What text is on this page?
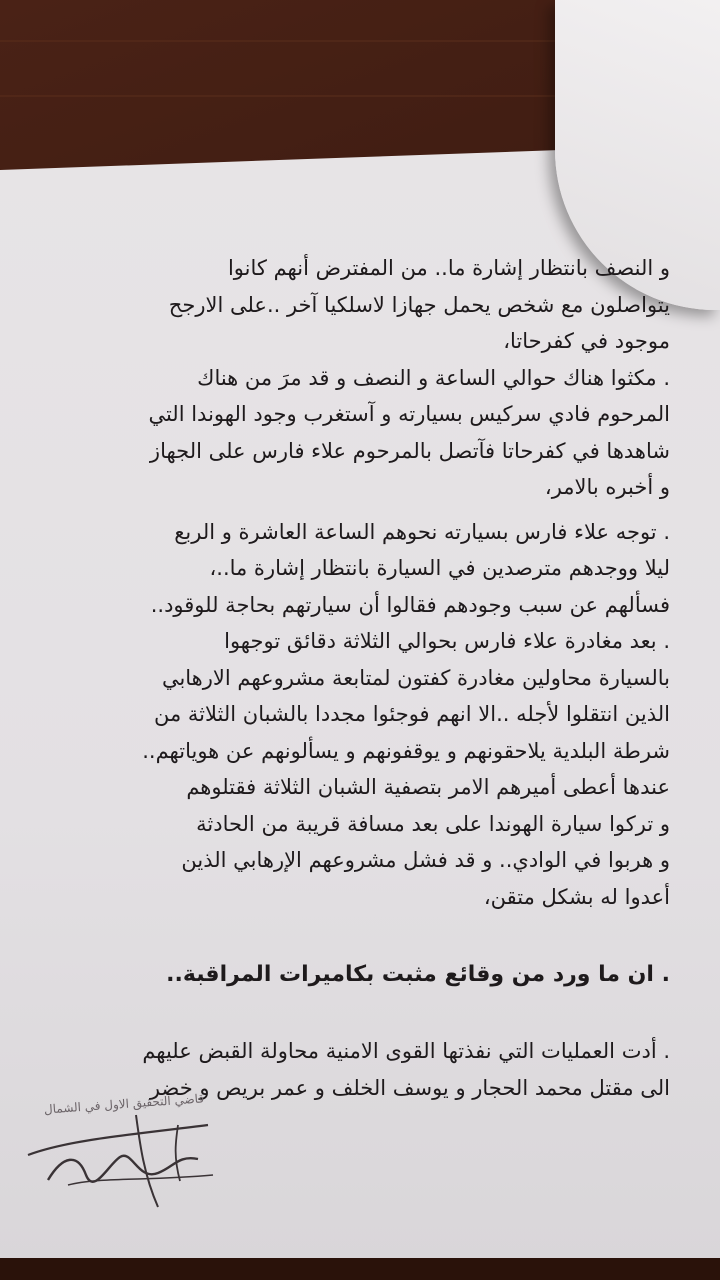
و النصف بانتظار إشارة ما.. من المفترض أنهم كانوا
يتواصلون مع شخص يحمل جهازا لاسلكيا آخر ..على الارجح
موجود في كفرحاتا،
. مكثوا هناك حوالي الساعة و النصف و قد مرَ من هناك
المرحوم فادي سركيس بسيارته و آستغرب وجود الهوندا التي
شاهدها في كفرحاتا فآتصل بالمرحوم علاء فارس على الجهاز
و أخبره بالامر،
. توجه علاء فارس بسيارته نحوهم الساعة العاشرة و الربع
ليلا ووجدهم مترصدين في السيارة بانتظار إشارة ما..،
فسألهم عن سبب وجودهم فقالوا أن سيارتهم بحاجة للوقود..
. بعد مغادرة علاء فارس بحوالي الثلاثة دقائق توجهوا
بالسيارة محاولين مغادرة كفتون لمتابعة مشروعهم الارهابي
الذين انتقلوا لأجله ..الا انهم فوجئوا مجددا بالشبان الثلاثة من
شرطة البلدية يلاحقونهم و يوقفونهم و يسألونهم عن هوياتهم..
عندها أعطى أميرهم الامر بتصفية الشبان الثلاثة فقتلوهم
و تركوا سيارة الهوندا على بعد مسافة قريبة من الحادثة
و هربوا في الوادي.. و قد فشل مشروعهم الإرهابي الذين
أعدوا له بشكل متقن،
. ان ما ورد من وقائع مثبت بكاميرات المراقبة..
. أدت العمليات التي نفذتها القوى الامنية محاولة القبض عليهم
الى مقتل محمد الحجار و يوسف الخلف و عمر بريص و خضر
قاضي التحقيق الاول في الشمال
